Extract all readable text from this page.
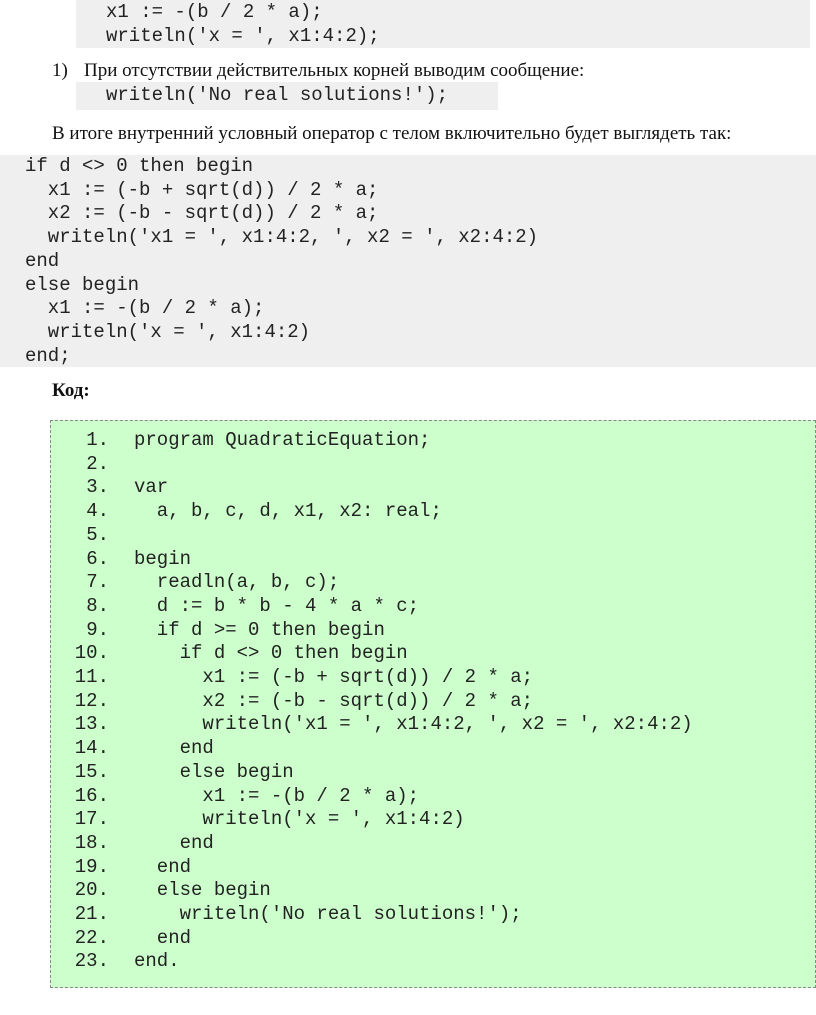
x1 := -(b / 2 * a);
writeln('x = ', x1:4:2);
1) При отсутствии действительных корней выводим сообщение:
writeln('No real solutions!');
В итоге внутренний условный оператор с телом включительно будет выглядеть так:
if d <> 0 then begin
x1 := (-b + sqrt(d)) / 2 * a;
x2 := (-b - sqrt(d)) / 2 * a;
writeln('x1 = ', x1:4:2, ', x2 = ', x2:4:2)
end
else begin
x1 := -(b / 2 * a);
writeln('x = ', x1:4:2)
end;
Код:
1.	program QuadraticEquation;
2.
3.	var
4.	a, b, c, d, x1, x2: real;
5.
6.	begin
7.	readln(a, b, c);
8.	d := b * b - 4 * a * c;
9.	if d >= 0 then begin
10.	if d <> 0 then begin
11.	x1 := (-b + sqrt(d)) / 2 * a;
12.	x2 := (-b - sqrt(d)) / 2 * a;
13.	writeln('x1 = ', x1:4:2, ', x2 = ', x2:4:2)
14.	end
15.	else begin
16.	x1 := -(b / 2 * a);
17.	writeln('x = ', x1:4:2)
18.	end
19.	end
20.	else begin
21.	writeln('No real solutions!');
22.	end
23.	end.
